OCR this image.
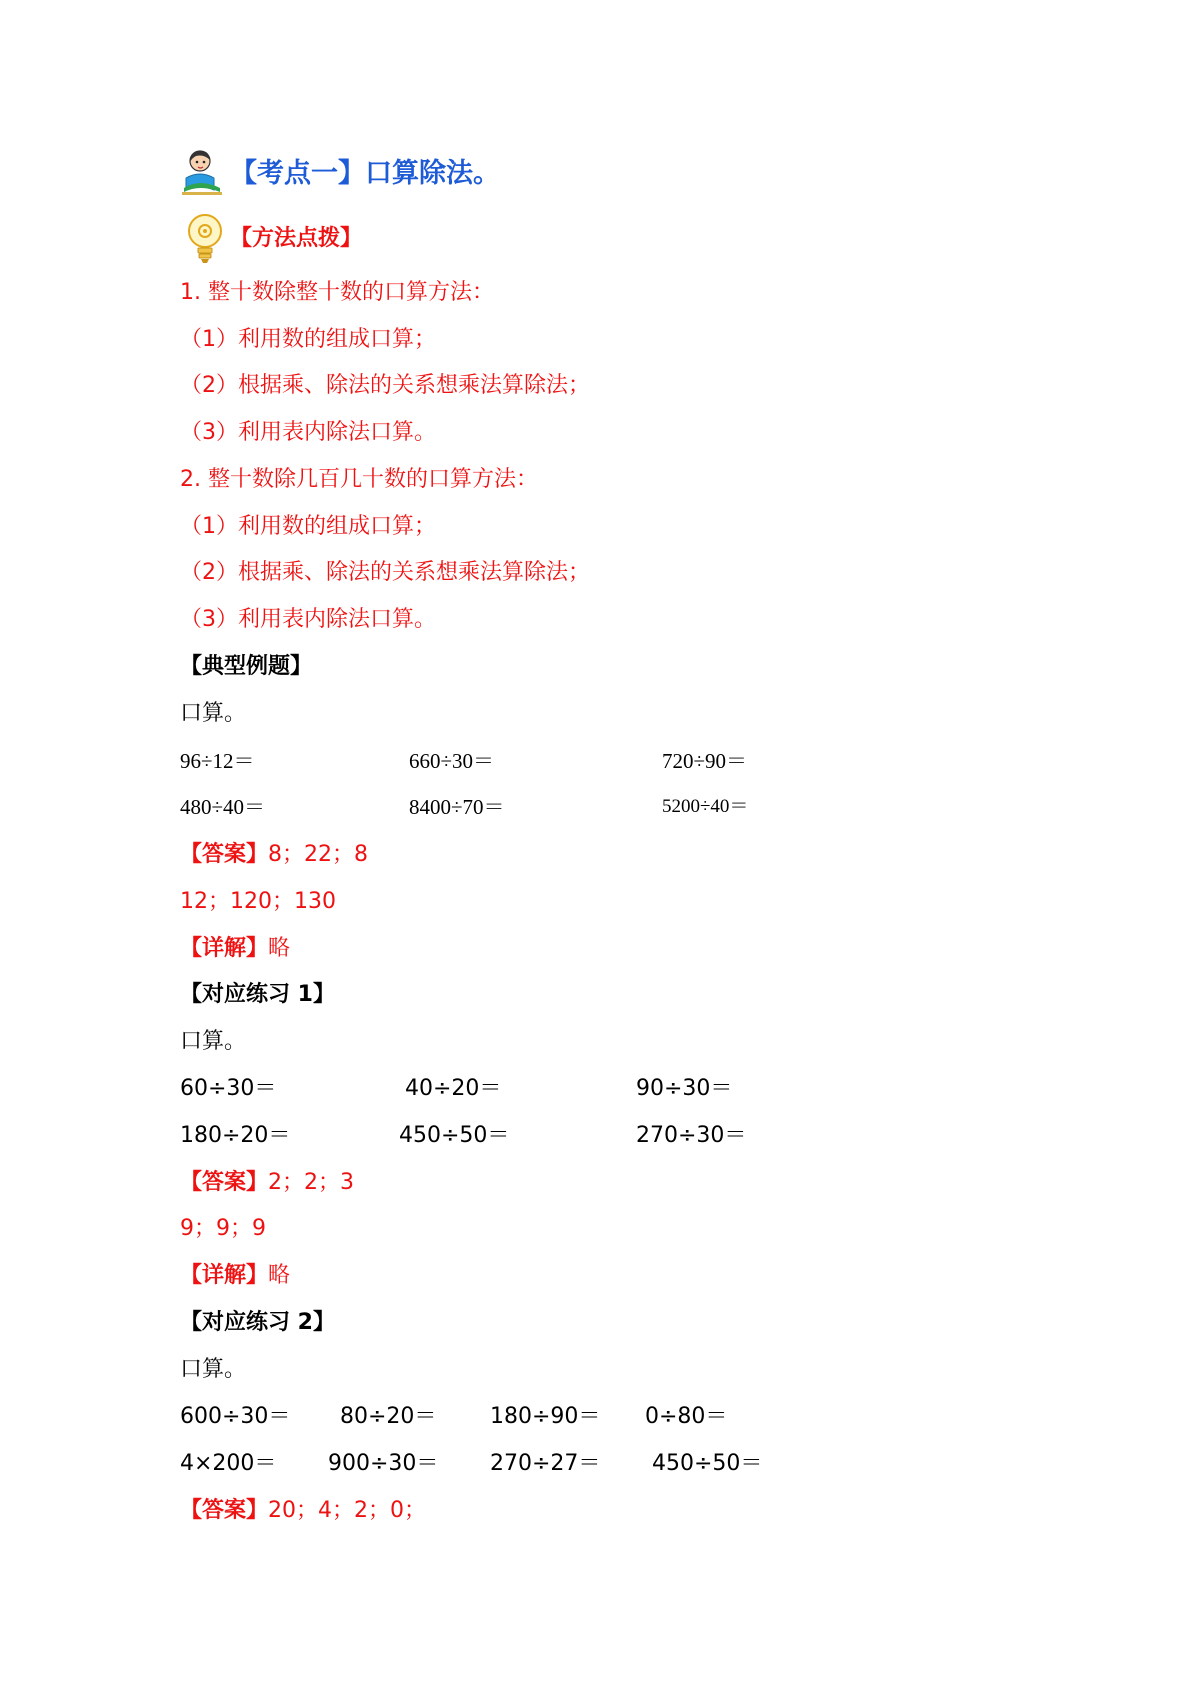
【考点一】口算除法。
【方法点拨】
1. 整十数除整十数的口算方法：
（1）利用数的组成口算；
（2）根据乘、除法的关系想乘法算除法；
（3）利用表内除法口算。
2. 整十数除几百几十数的口算方法：
（1）利用数的组成口算；
（2）根据乘、除法的关系想乘法算除法；
（3）利用表内除法口算。
【典型例题】
口算。
96÷12＝	660÷30＝	720÷90＝
480÷40＝	8400÷70＝	5200÷40＝
【答案】8；22；8
12；120；130
【详解】略
【对应练习 1】
口算。
60÷30＝	40÷20＝	90÷30＝
180÷20＝	450÷50＝	270÷30＝
【答案】2；2；3
9；9；9
【详解】略
【对应练习 2】
口算。
600÷30＝ 80÷20＝ 180÷90＝ 0÷80＝
4×200＝ 900÷30＝ 270÷27＝ 450÷50＝
【答案】20；4；2；0；
